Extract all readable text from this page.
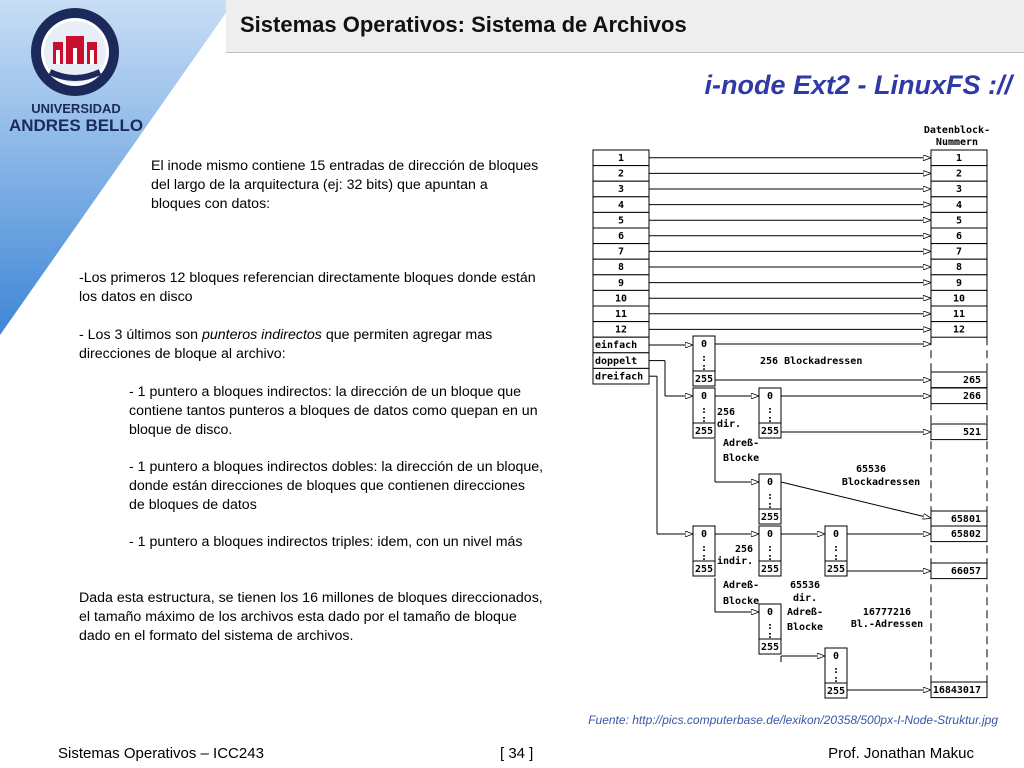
Sistemas Operativos: Sistema de Archivos
i-node Ext2 - LinuxFS ://
UNIVERSIDAD
ANDRES BELLO
El inode mismo contiene 15 entradas de dirección de bloques del largo de la arquitectura (ej: 32 bits) que apuntan a bloques con datos:
-Los primeros 12 bloques referencian directamente bloques donde están los datos en disco
- Los 3 últimos son punteros indirectos que permiten agregar mas direcciones de bloque al archivo:
- 1 puntero a bloques indirectos: la dirección de un bloque que contiene tantos punteros a bloques de datos como quepan en un bloque de disco.
- 1 puntero a bloques indirectos dobles: la dirección de un bloque, donde están direcciones de bloques que contienen direcciones de bloques de datos
- 1 puntero a bloques indirectos triples: idem, con un nivel más
Dada esta estructura, se tienen los 16 millones de bloques direccionados, el tamaño máximo de los archivos esta dado por el tamaño de bloque dado en el formato del sistema de archivos.
Datenblock-
Nummern
1
2
3
4
5
6
7
8
9
10
11
12
einfach
doppelt
dreifach
1
2
3
4
5
6
7
8
9
10
11
12
0
:
:
255
256 Blockadressen
265
0
:
:
255
256
dir.
Adreß-
Blocke
0
:
:
255
266
521
0
:
:
255
65536
Blockadressen
65801
0
:
:
255
256
indir.
Adreß-
Blocke
0
:
:
255
0
:
:
255
65802
66057
65536
dir.
Adreß-
Blocke
16777216
Bl.-Adressen
0
:
:
255
0
:
:
255	16843017
Fuente: http://pics.computerbase.de/lexikon/20358/500px-I-Node-Struktur.jpg
Sistemas Operativos – ICC243	[ 34 ]	Prof. Jonathan Makuc
